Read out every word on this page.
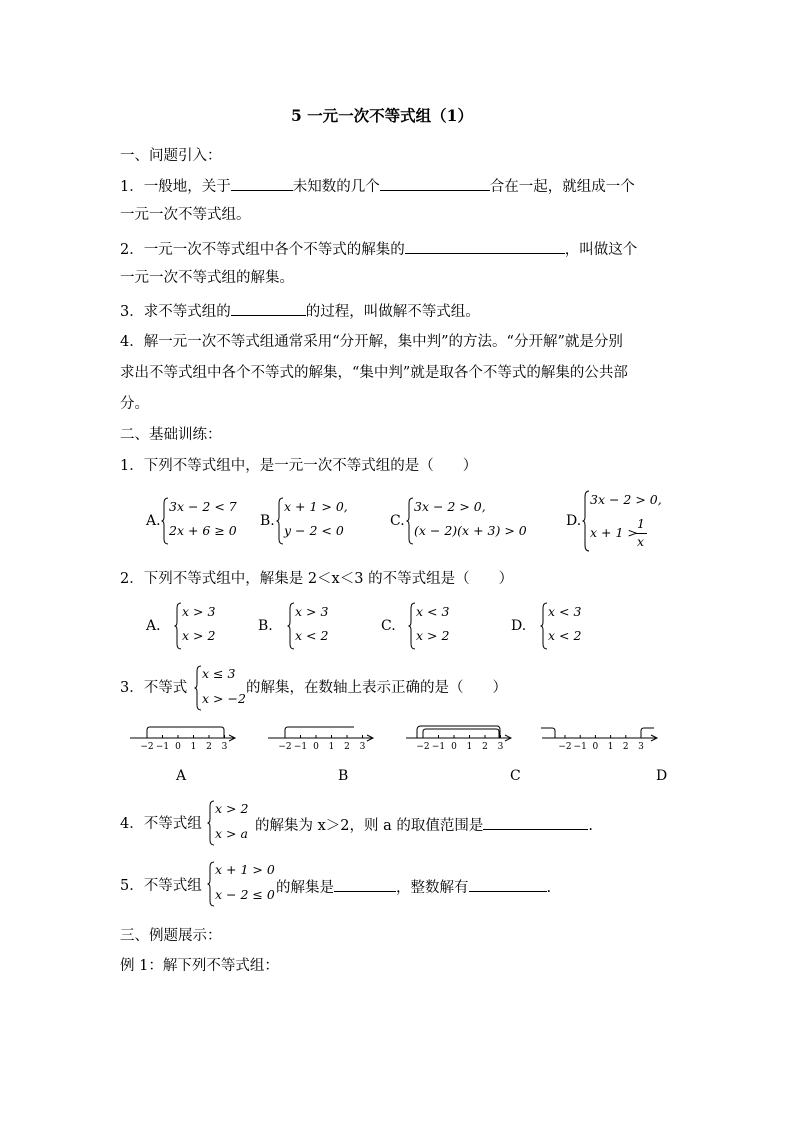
5 一元一次不等式组（1）
一、问题引入：
1．一般地，关于	未知数的几个	合在一起，就组成一个
一元一次不等式组。
2．一元一次不等式组中各个不等式的解集的	，叫做这个
一元一次不等式组的解集。
3．求不等式组的	的过程，叫做解不等式组。
4．解一元一次不等式组通常采用“分开解，集中判”的方法。“分开解”就是分别
求出不等式组中各个不等式的解集，“集中判”就是取各个不等式的解集的公共部
分。
二、基础训练：
1．下列不等式组中，是一元一次不等式组的是（　　）
A.
3x − 2 < 7
2x + 6 ≥ 0
B.
x + 1 > 0,
y − 2 < 0
C.
3x − 2 > 0,
(x − 2)(x + 3) > 0
D.
3x − 2 > 0,
x + 1 >
1
x
2．下列不等式组中，解集是 2＜x＜3 的不等式组是（　　）
A.
x > 3
x > 2
B.
x > 3
x < 2
C.
x < 3
x > 2
D.
x < 3
x < 2
3．不等式
x ≤ 3
x > −2
的解集，在数轴上表示正确的是（　　）
−2 −1 0 1 2 3	−2 −1 0 1 2 3	−2 −1 0 1 2 3	−2 −1 0 1 2 3
A	B	C	D
4．不等式组
x > 2
x > a 的解集为 x＞2，则 a 的取值范围是	.
5．不等式组
x + 1 > 0
x − 2 ≤ 0 的解集是	，整数解有	.
三、例题展示：
例 1：解下列不等式组：
